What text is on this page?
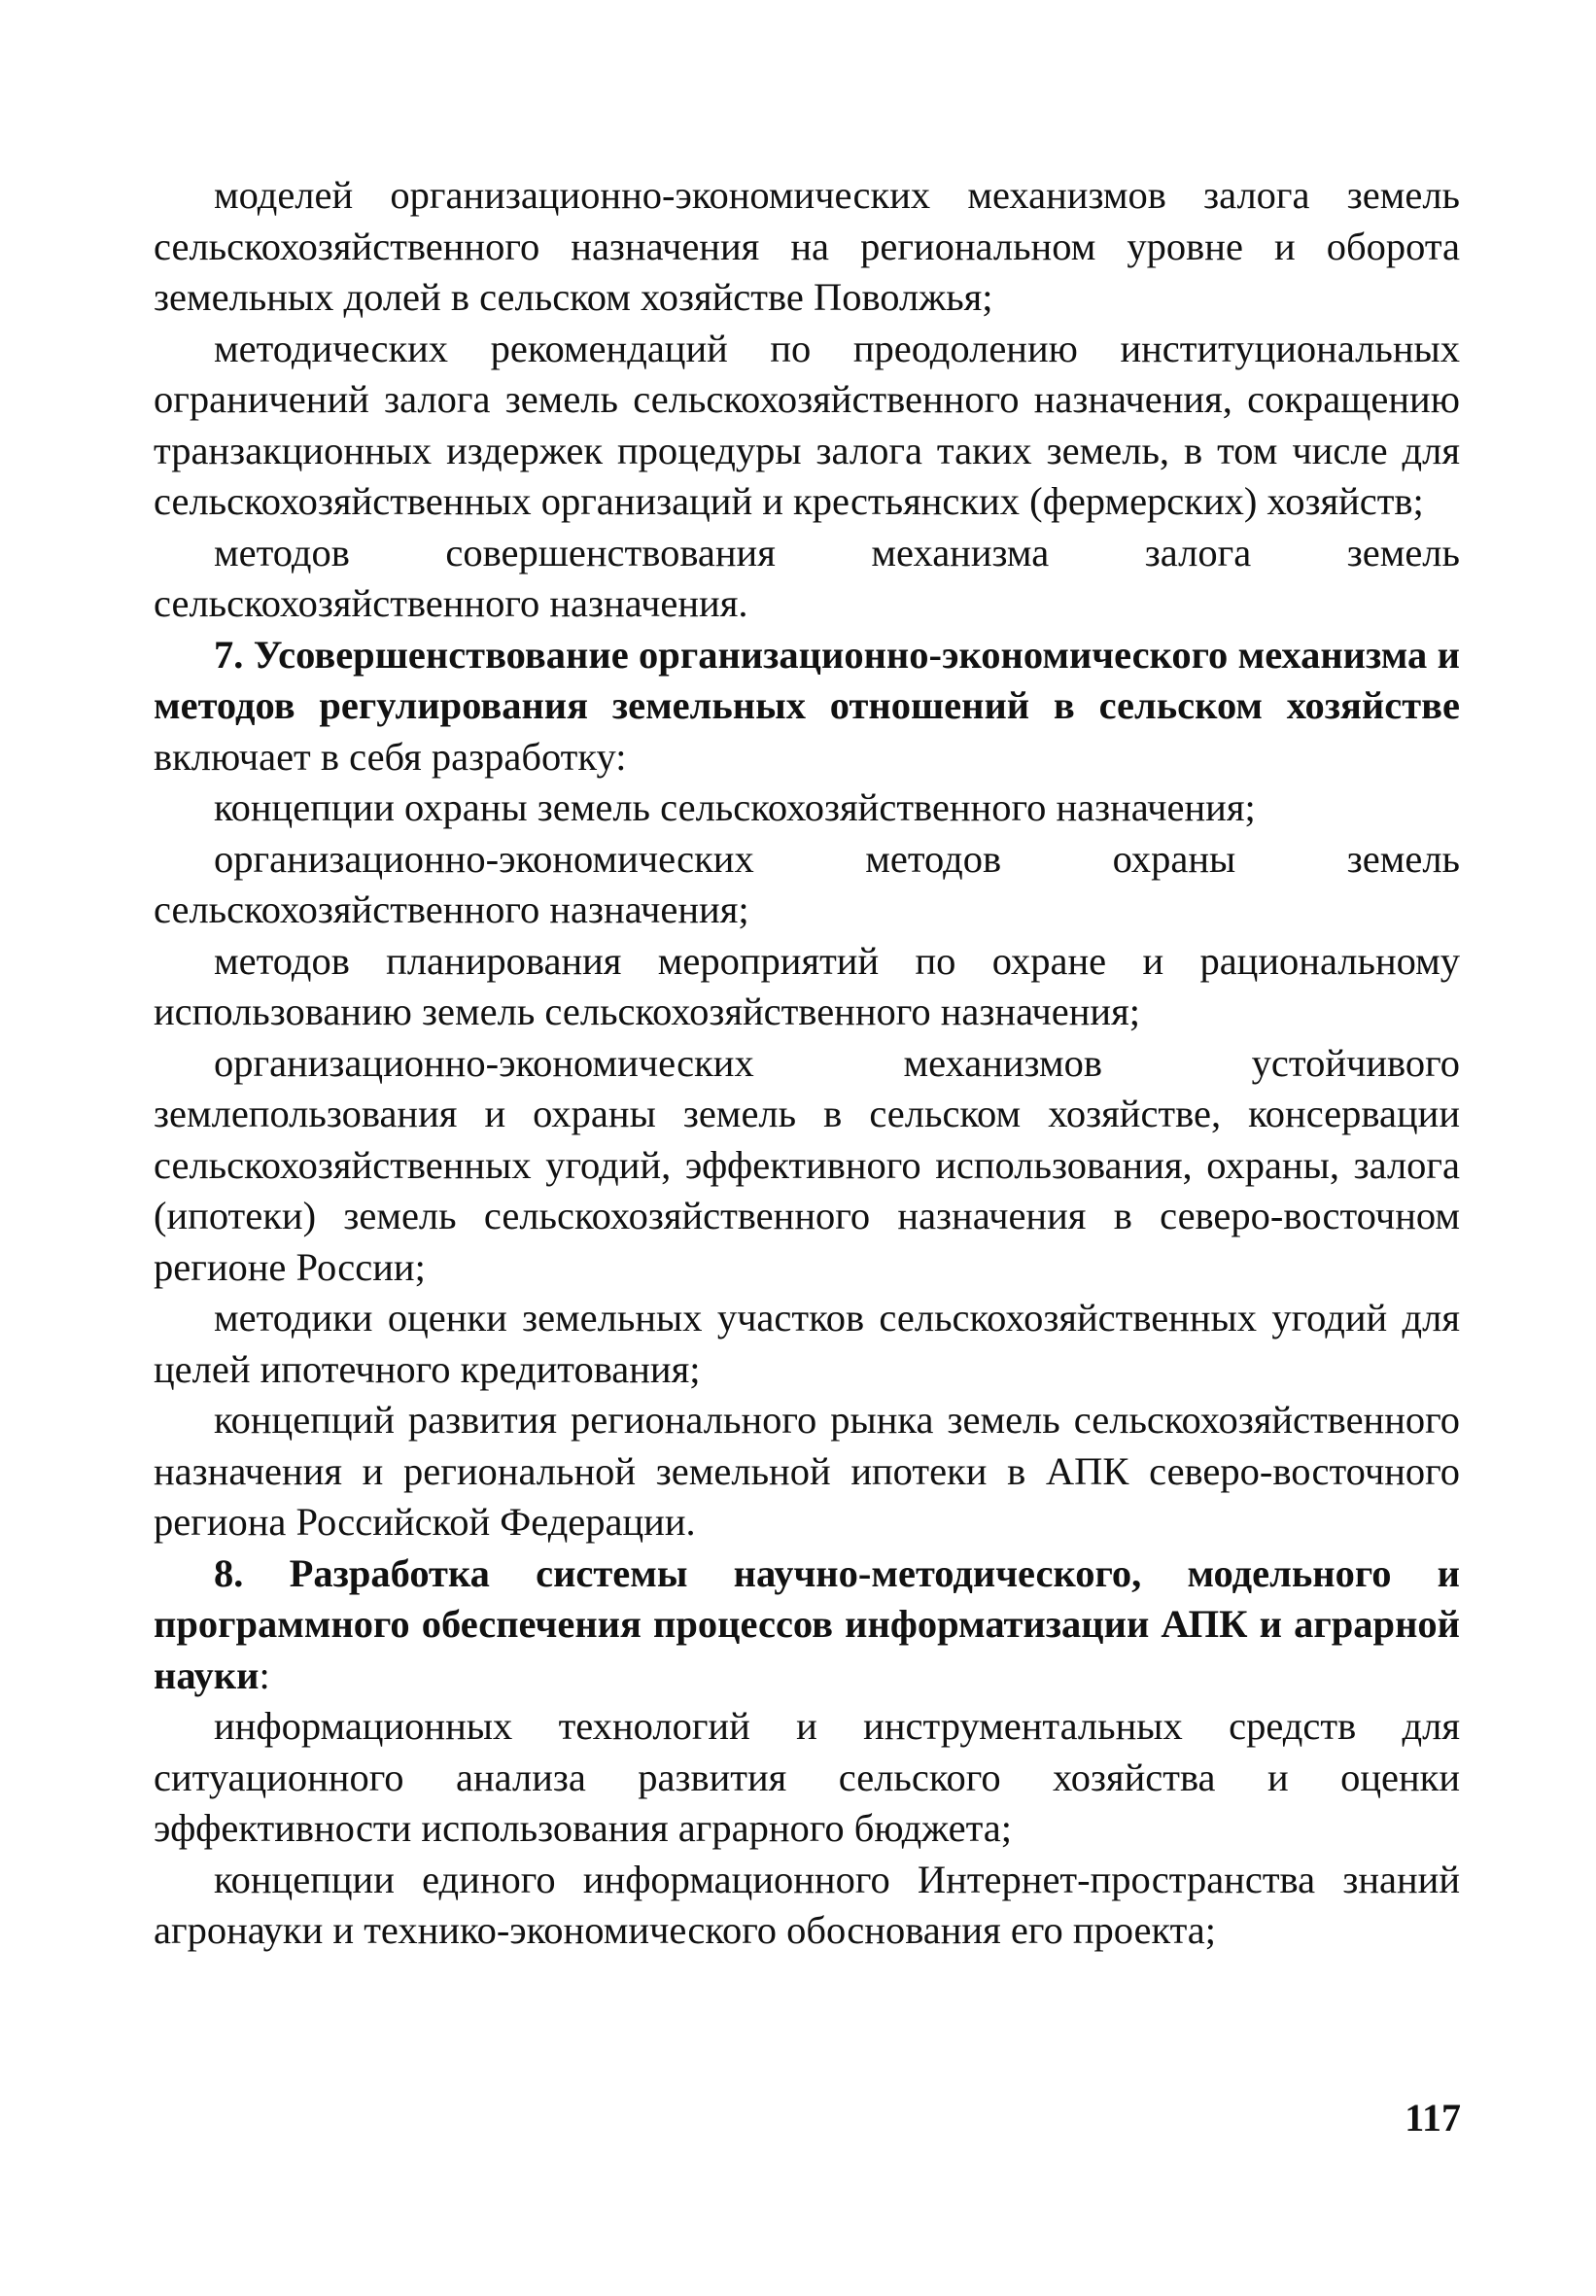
моделей организационно-экономических механизмов залога земель сельскохозяйственного назначения на региональном уровне и оборота земельных долей в сельском хозяйстве Поволжья;

методических рекомендаций по преодолению институциональных ограничений залога земель сельскохозяйственного назначения, сокращению транзакционных издержек процедуры залога таких земель, в том числе для сельскохозяйственных организаций и крестьянских (фермерских) хозяйств;

методов совершенствования механизма залога земель сельскохозяйственного назначения.

7. Усовершенствование организационно-экономического механизма и методов регулирования земельных отношений в сельском хозяйстве включает в себя разработку:

концепции охраны земель сельскохозяйственного назначения;

организационно-экономических методов охраны земель сельскохозяйственного назначения;

методов планирования мероприятий по охране и рациональному использованию земель сельскохозяйственного назначения;

организационно-экономических механизмов устойчивого землепользования и охраны земель в сельском хозяйстве, консервации сельскохозяйственных угодий, эффективного использования, охраны, залога (ипотеки) земель сельскохозяйственного назначения в северо-восточном регионе России;

методики оценки земельных участков сельскохозяйственных угодий для целей ипотечного кредитования;

концепций развития регионального рынка земель сельскохозяйственного назначения и региональной земельной ипотеки в АПК северо-восточного региона Российской Федерации.

8. Разработка системы научно-методического, модельного и программного обеспечения процессов информатизации АПК и аграрной науки:

информационных технологий и инструментальных средств для ситуационного анализа развития сельского хозяйства и оценки эффективности использования аграрного бюджета;

концепции единого информационного Интернет-пространства знаний агронауки и технико-экономического обоснования его проекта;

117
